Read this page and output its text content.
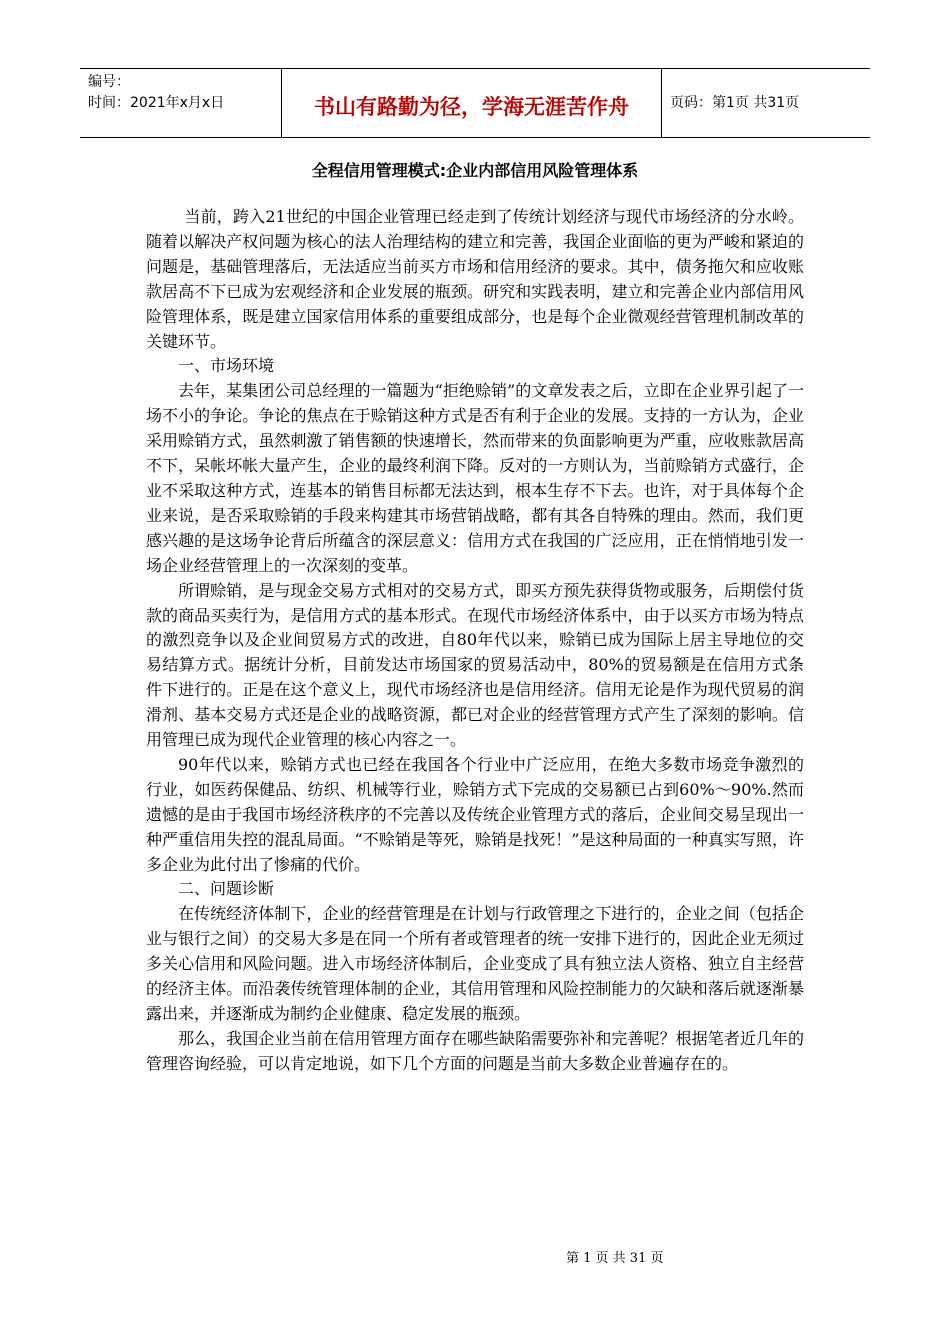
编号：
时间：2021年x月x日	书山有路勤为径，学海无涯苦作舟	页码：第1页 共31页
全程信用管理模式:企业内部信用风险管理体系

当前，跨入21世纪的中国企业管理已经走到了传统计划经济与现代市场经济的分水岭。随着以解决产权问题为核心的法人治理结构的建立和完善，我国企业面临的更为严峻和紧迫的问题是，基础管理落后，无法适应当前买方市场和信用经济的要求。其中，债务拖欠和应收账款居高不下已成为宏观经济和企业发展的瓶颈。研究和实践表明，建立和完善企业内部信用风险管理体系，既是建立国家信用体系的重要组成部分，也是每个企业微观经营管理机制改革的关键环节。

一、市场环境

去年，某集团公司总经理的一篇题为“拒绝赊销”的文章发表之后，立即在企业界引起了一场不小的争论。争论的焦点在于赊销这种方式是否有利于企业的发展。支持的一方认为，企业采用赊销方式，虽然刺激了销售额的快速增长，然而带来的负面影响更为严重，应收账款居高不下，呆帐坏帐大量产生，企业的最终利润下降。反对的一方则认为，当前赊销方式盛行，企业不采取这种方式，连基本的销售目标都无法达到，根本生存不下去。也许，对于具体每个企业来说，是否采取赊销的手段来构建其市场营销战略，都有其各自特殊的理由。然而，我们更感兴趣的是这场争论背后所蕴含的深层意义：信用方式在我国的广泛应用，正在悄悄地引发一场企业经营管理上的一次深刻的变革。

所谓赊销，是与现金交易方式相对的交易方式，即买方预先获得货物或服务，后期偿付货款的商品买卖行为，是信用方式的基本形式。在现代市场经济体系中，由于以买方市场为特点的激烈竞争以及企业间贸易方式的改进，自80年代以来，赊销已成为国际上居主导地位的交易结算方式。据统计分析，目前发达市场国家的贸易活动中，80%的贸易额是在信用方式条件下进行的。正是在这个意义上，现代市场经济也是信用经济。信用无论是作为现代贸易的润滑剂、基本交易方式还是企业的战略资源，都已对企业的经营管理方式产生了深刻的影响。信用管理已成为现代企业管理的核心内容之一。

90年代以来，赊销方式也已经在我国各个行业中广泛应用，在绝大多数市场竞争激烈的行业，如医药保健品、纺织、机械等行业，赊销方式下完成的交易额已占到60%～90%.然而遗憾的是由于我国市场经济秩序的不完善以及传统企业管理方式的落后，企业间交易呈现出一种严重信用失控的混乱局面。“不赊销是等死，赊销是找死！”是这种局面的一种真实写照，许多企业为此付出了惨痛的代价。

二、问题诊断

在传统经济体制下，企业的经营管理是在计划与行政管理之下进行的，企业之间（包括企业与银行之间）的交易大多是在同一个所有者或管理者的统一安排下进行的，因此企业无须过多关心信用和风险问题。进入市场经济体制后，企业变成了具有独立法人资格、独立自主经营的经济主体。而沿袭传统管理体制的企业，其信用管理和风险控制能力的欠缺和落后就逐渐暴露出来，并逐渐成为制约企业健康、稳定发展的瓶颈。

那么，我国企业当前在信用管理方面存在哪些缺陷需要弥补和完善呢？根据笔者近几年的管理咨询经验，可以肯定地说，如下几个方面的问题是当前大多数企业普遍存在的。

第 1 页 共 31 页
